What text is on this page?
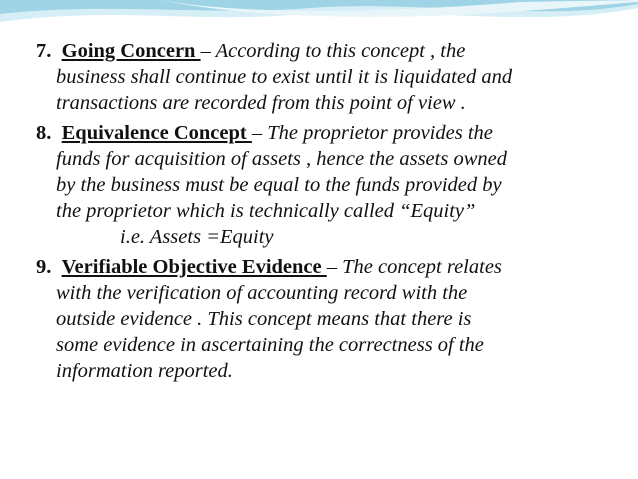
7. Going Concern – According to this concept , the
business shall continue to exist until it is liquidated and
transactions are recorded from this point of view .
8. Equivalence Concept – The proprietor provides the
funds for acquisition of assets , hence the assets owned
by the business must be equal to the funds provided by
the proprietor which is technically called “Equity”
i.e. Assets =Equity
9. Verifiable Objective Evidence – The concept relates
with the verification of accounting record with the
outside evidence . This concept means that there is
some evidence in ascertaining the correctness of the
information reported.
